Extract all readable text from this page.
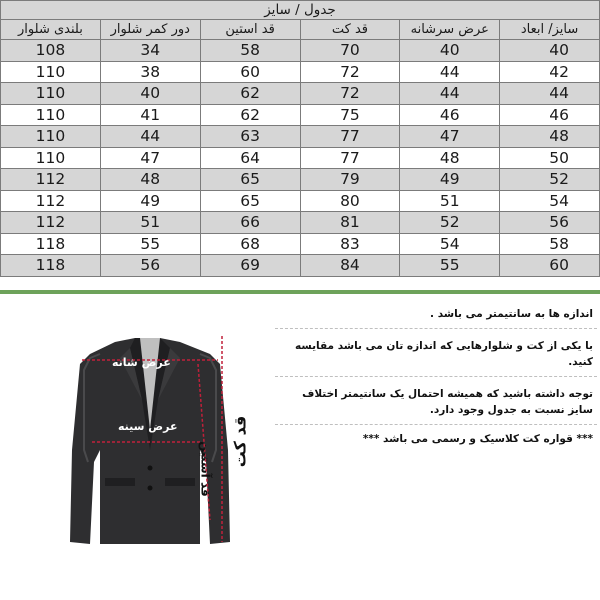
جدول / سایز					
سایز/ ابعاد	عرض سرشانه	قد کت	قد استین	دور کمر شلوار	بلندی شلوار
40	40	70	58	34	108
42	44	72	60	38	110
44	44	72	62	40	110
46	46	75	62	41	110
48	47	77	63	44	110
50	48	77	64	47	110
52	49	79	65	48	112
54	51	80	65	49	112
56	52	81	66	51	112
58	54	83	68	55	118
60	55	84	69	56	118
عرض شانه
عرض سینه
قد آستین قد کت
اندازه ها به سانتیمتر می باشد .
با یکی از کت و شلوارهایی که اندازه تان می باشد مقایسه کنید.
توجه داشته باشید که همیشه احتمال یک سانتیمتر اختلاف سایز نسبت به جدول وجود دارد.
*** قواره کت کلاسیک و رسمی می باشد ***
